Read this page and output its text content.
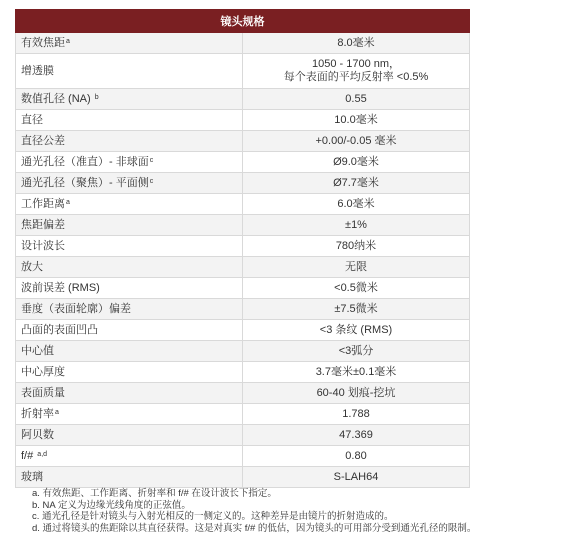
镜头规格	
有效焦距$^a$	8.0毫米
增透膜	1050 - 1700 nm，
每个表面的平均反射率 <0.5%

数值孔径 (NA) $^b$	0.55
直径	10.0毫米
直径公差	+0.00/-0.05 毫米
通光孔径（准直）- 非球面$^c$	Ø9.0毫米
通光孔径（聚焦）- 平面侧$^c$	Ø7.7毫米
工作距离$^a$	6.0毫米
焦距偏差	±1%
设计波长	780纳米
放大	无限
波前误差 (RMS)	<0.5微米
垂度（表面轮廓）偏差	±7.5微米
凸面的表面凹凸	<3 条纹 (RMS)
中心值	<3弧分
中心厚度	3.7毫米±0.1毫米
表面质量	60-40 划痕-挖坑
折射率$^a$	1.788
阿贝数	47.369
f/# $^{a,d}$	0.80
玻璃	S-LAH64
a. 有效焦距、工作距离、折射率和 f/# 在设计波长下指定。
b. NA 定义为边缘光线角度的正弦值。
c. 通光孔径是针对镜头与入射光相反的一侧定义的。这种差异是由镜片的折射造成的。
d. 通过将镜头的焦距除以其直径获得。这是对真实 f/# 的低估，因为镜头的可用部分受到通光孔径的限制。
